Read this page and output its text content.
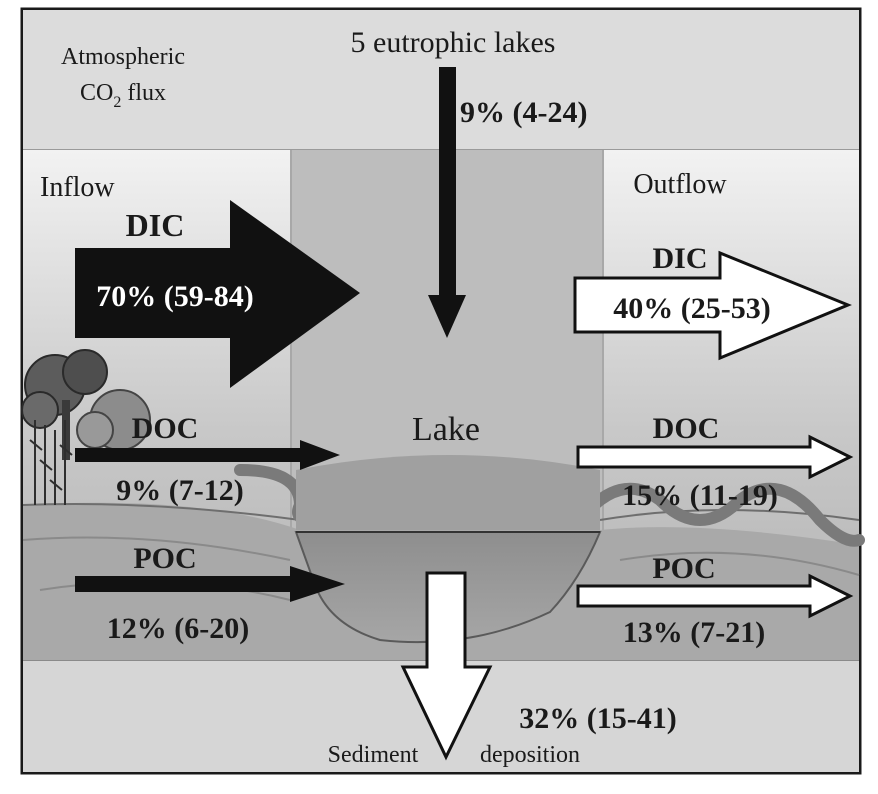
5 eutrophic lakes
Atmospheric
$CO_2$ flux
9% (4-24)
Inflow
DIC
70% (59-84)
DOC
9% (7-12)
POC
12% (6-20)
Lake
Outflow
DIC
40% (25-53)
DOC
15% (11-19)
POC
13% (7-21)
32% (15-41)
Sediment	deposition
